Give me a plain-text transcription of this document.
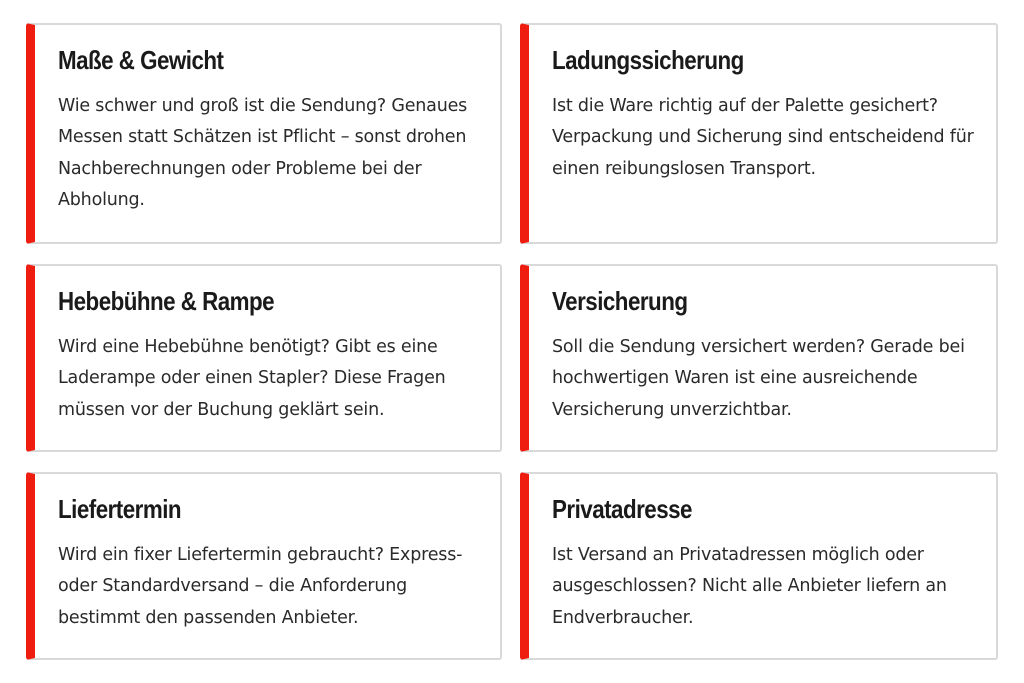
Maße & Gewicht

Wie schwer und groß ist die Sendung? Genaues Messen statt Schätzen ist Pflicht – sonst drohen Nachberechnungen oder Probleme bei der Abholung.

Ladungssicherung

Ist die Ware richtig auf der Palette gesichert? Verpackung und Sicherung sind entscheidend für einen reibungslosen Transport.

Hebebühne & Rampe

Wird eine Hebebühne benötigt? Gibt es eine Laderampe oder einen Stapler? Diese Fragen müssen vor der Buchung geklärt sein.

Versicherung

Soll die Sendung versichert werden? Gerade bei hochwertigen Waren ist eine ausreichende Versicherung unverzichtbar.

Liefertermin

Wird ein fixer Liefertermin gebraucht? Express- oder Standardversand – die Anforderung bestimmt den passenden Anbieter.

Privatadresse

Ist Versand an Privatadressen möglich oder ausgeschlossen? Nicht alle Anbieter liefern an Endverbraucher.
